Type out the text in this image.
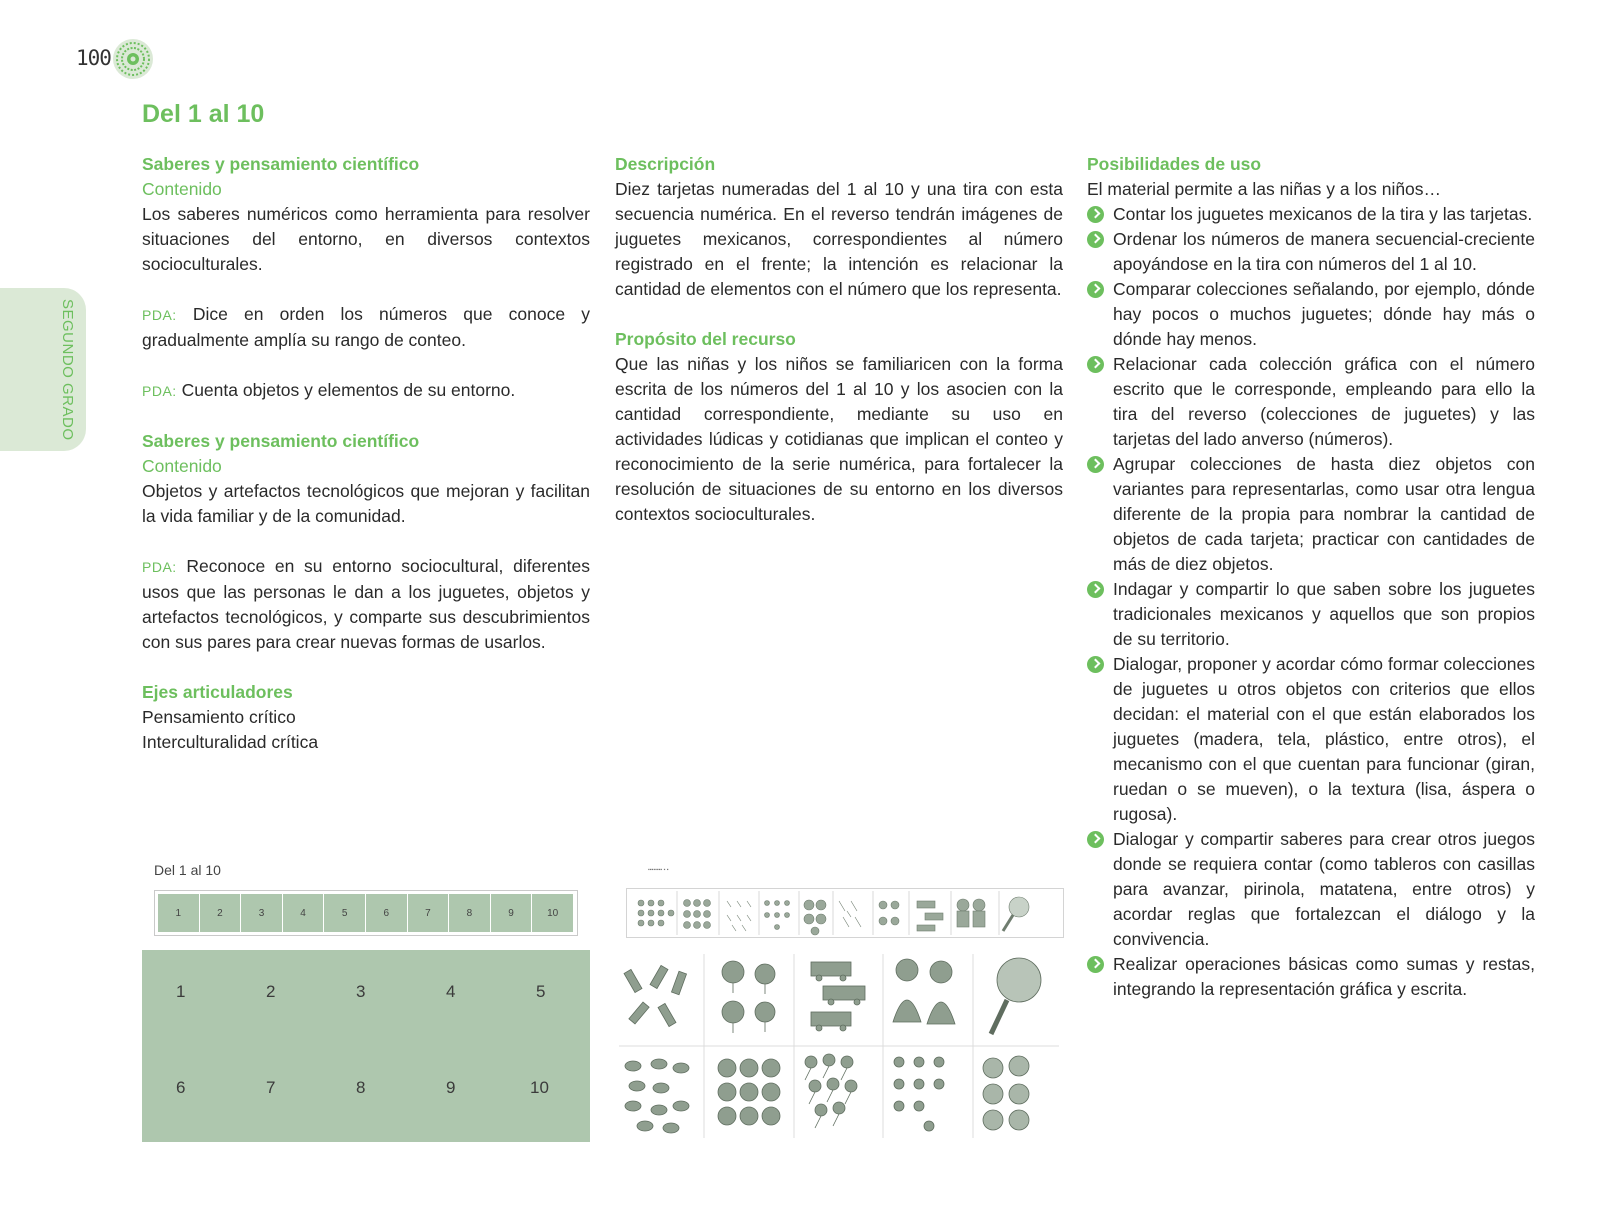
100
SEGUNDO GRADO
Del 1 al 10

Saberes y pensamiento científico

Contenido

Los saberes numéricos como herramienta para resolver situaciones del entorno, en diversos contextos socioculturales.

PDA: Dice en orden los números que conoce y gradualmente amplía su rango de conteo.

PDA: Cuenta objetos y elementos de su entorno.

Saberes y pensamiento científico

Contenido

Objetos y artefactos tecnológicos que mejoran y facilitan la vida familiar y de la comunidad.

PDA: Reconoce en su entorno sociocultural, diferentes usos que las personas le dan a los juguetes, objetos y artefactos tecnológicos, y comparte sus descubrimientos con sus pares para crear nuevas formas de usarlos.

Ejes articuladores

Pensamiento crítico

Interculturalidad crítica

Descripción

Diez tarjetas numeradas del 1 al 10 y una tira con esta secuencia numérica. En el reverso tendrán imágenes de juguetes mexicanos, correspondientes al número registrado en el frente; la intención es relacionar la cantidad de elementos con el número que los representa.

Propósito del recurso

Que las niñas y los niños se familiaricen con la forma escrita de los números del 1 al 10 y los asocien con la cantidad correspondiente, mediante su uso en actividades lúdicas y cotidianas que implican el conteo y reconocimiento de la serie numérica, para fortalecer la resolución de situaciones de su entorno en los diversos contextos socioculturales.

Posibilidades de uso

El material permite a las niñas y a los niños…

Contar los juguetes mexicanos de la tira y las tarjetas.
Ordenar los números de manera secuencial-creciente apoyándose en la tira con números del 1 al 10.
Comparar colecciones señalando, por ejemplo, dónde hay pocos o muchos juguetes; dónde hay más o dónde hay menos.
Relacionar cada colección gráfica con el número escrito que le corresponde, empleando para ello la tira del reverso (colecciones de juguetes) y las tarjetas del lado anverso (números).
Agrupar colecciones de hasta diez objetos con variantes para representarlas, como usar otra lengua diferente de la propia para nombrar la cantidad de objetos de cada tarjeta; practicar con cantidades de más de diez objetos.
Indagar y compartir lo que saben sobre los juguetes tradicionales mexicanos y aquellos que son propios de su territorio.
Dialogar, proponer y acordar cómo formar colecciones de juguetes u otros objetos con criterios que ellos decidan: el material con el que están elaborados los juguetes (madera, tela, plástico, entre otros), el mecanismo con el que cuentan para funcionar (giran, ruedan o se mueven), o la textura (lisa, áspera o rugosa).
Dialogar y compartir saberes para crear otros juegos donde se requiera contar (como tableros con casillas para avanzar, pirinola, matatena, entre otros) y acordar reglas que fortalezcan el diálogo y la convivencia.
Realizar operaciones básicas como sumas y restas, integrando la representación gráfica y escrita.
Del 1 al 10
1	2	3	4	5	6	7	8	9	10
1	2	3	4	5
6	7	8	9	10
▪▪▪▪▪▪▪▪ ▪ ▪
